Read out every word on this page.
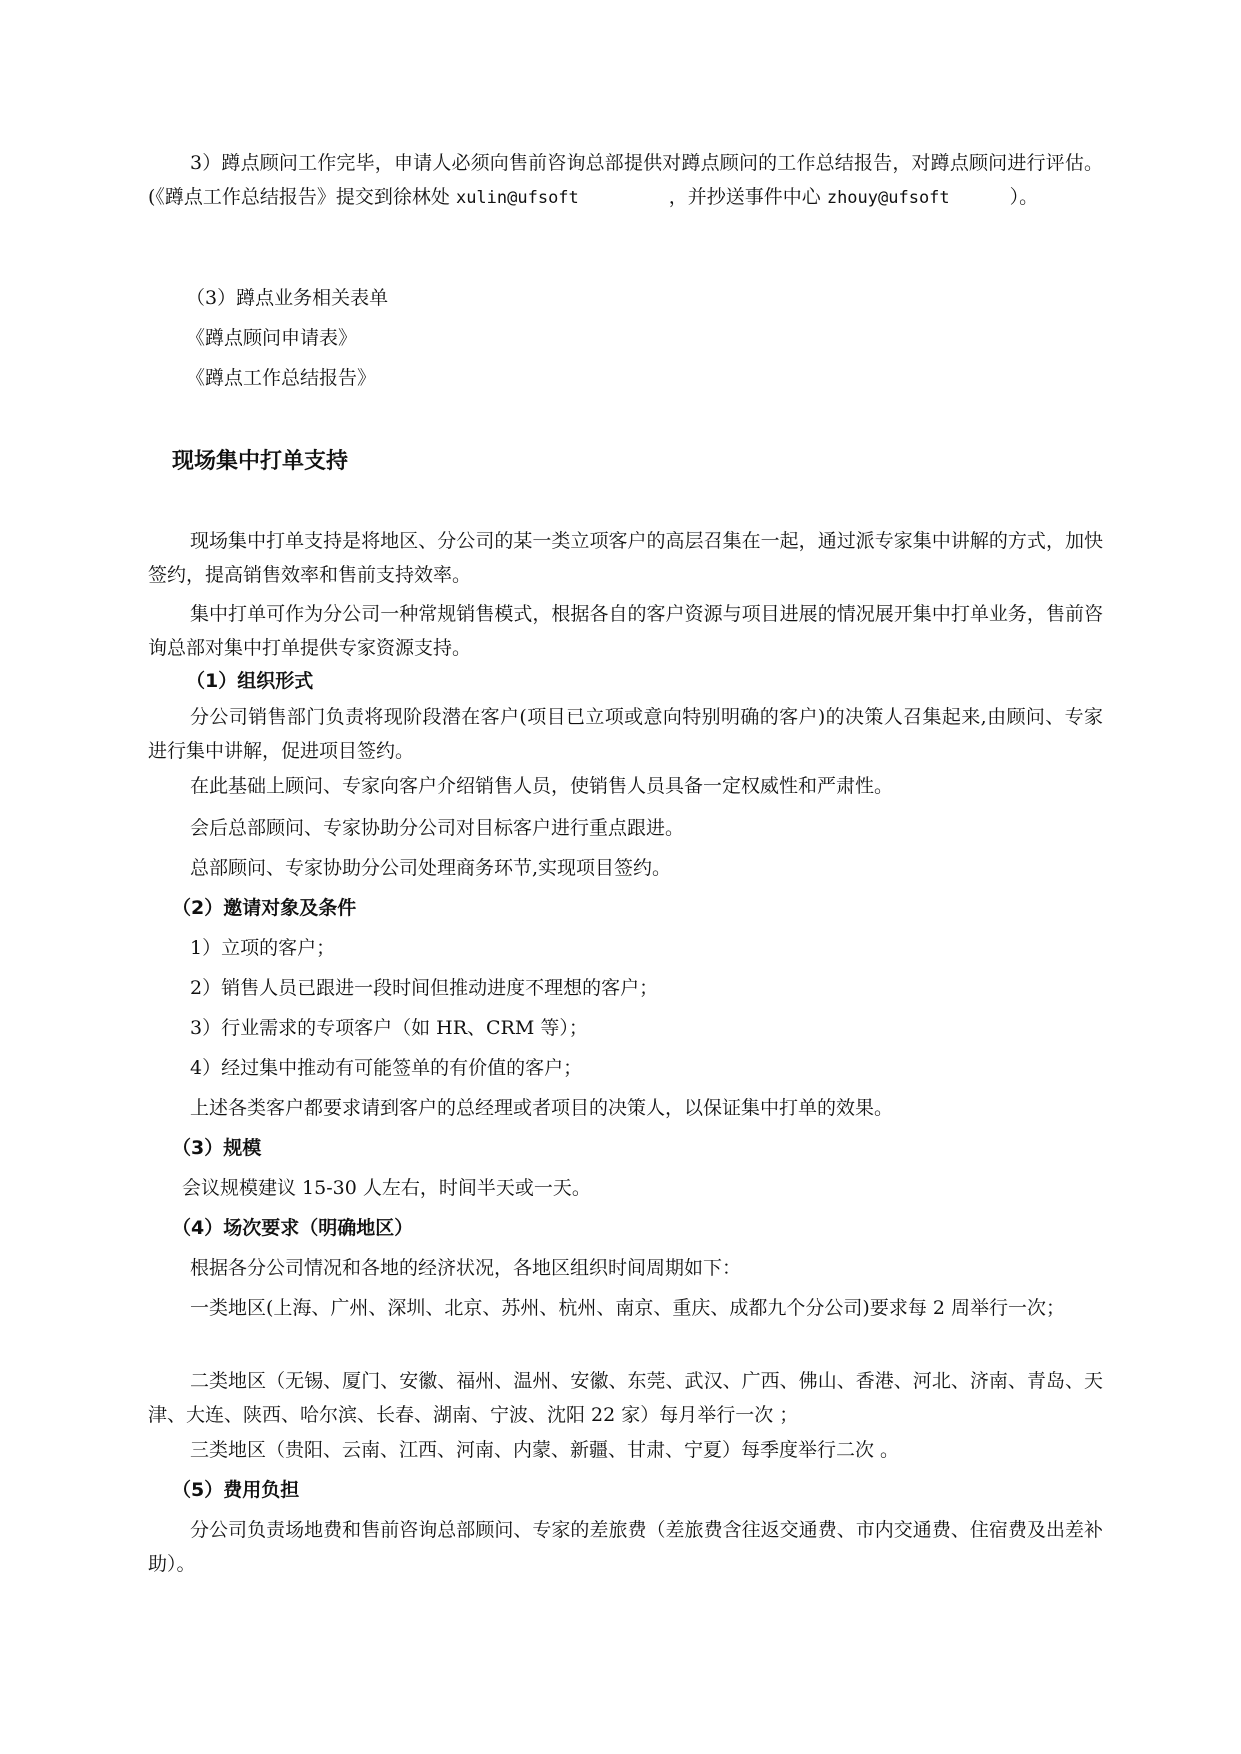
3）蹲点顾问工作完毕，申请人必须向售前咨询总部提供对蹲点顾问的工作总结报告，对蹲点顾问进行评估。(《蹲点工作总结报告》提交到徐林处 xulin@ufsoft	，并抄送事件中心 zhouy@ufsoft	）。

（3）蹲点业务相关表单

《蹲点顾问申请表》

《蹲点工作总结报告》

现场集中打单支持

现场集中打单支持是将地区、分公司的某一类立项客户的高层召集在一起，通过派专家集中讲解的方式，加快签约，提高销售效率和售前支持效率。

集中打单可作为分公司一种常规销售模式，根据各自的客户资源与项目进展的情况展开集中打单业务，售前咨询总部对集中打单提供专家资源支持。

（1）组织形式

分公司销售部门负责将现阶段潜在客户(项目已立项或意向特别明确的客户)的决策人召集起来,由顾问、专家进行集中讲解，促进项目签约。

在此基础上顾问、专家向客户介绍销售人员，使销售人员具备一定权威性和严肃性。

会后总部顾问、专家协助分公司对目标客户进行重点跟进。

总部顾问、专家协助分公司处理商务环节,实现项目签约。

（2）邀请对象及条件

1）立项的客户；

2）销售人员已跟进一段时间但推动进度不理想的客户；

3）行业需求的专项客户（如 HR、CRM 等）；

4）经过集中推动有可能签单的有价值的客户；

上述各类客户都要求请到客户的总经理或者项目的决策人，以保证集中打单的效果。

（3）规模

会议规模建议 15-30 人左右，时间半天或一天。

（4）场次要求（明确地区）

根据各分公司情况和各地的经济状况，各地区组织时间周期如下：

一类地区(上海、广州、深圳、北京、苏州、杭州、南京、重庆、成都九个分公司)要求每 2 周举行一次；

二类地区（无锡、厦门、安徽、福州、温州、安徽、东莞、武汉、广西、佛山、香港、河北、济南、青岛、天津、大连、陕西、哈尔滨、长春、湖南、宁波、沈阳 22 家）每月举行一次 ；

三类地区（贵阳、云南、江西、河南、内蒙、新疆、甘肃、宁夏）每季度举行二次 。

（5）费用负担

分公司负责场地费和售前咨询总部顾问、专家的差旅费（差旅费含往返交通费、市内交通费、住宿费及出差补助）。
